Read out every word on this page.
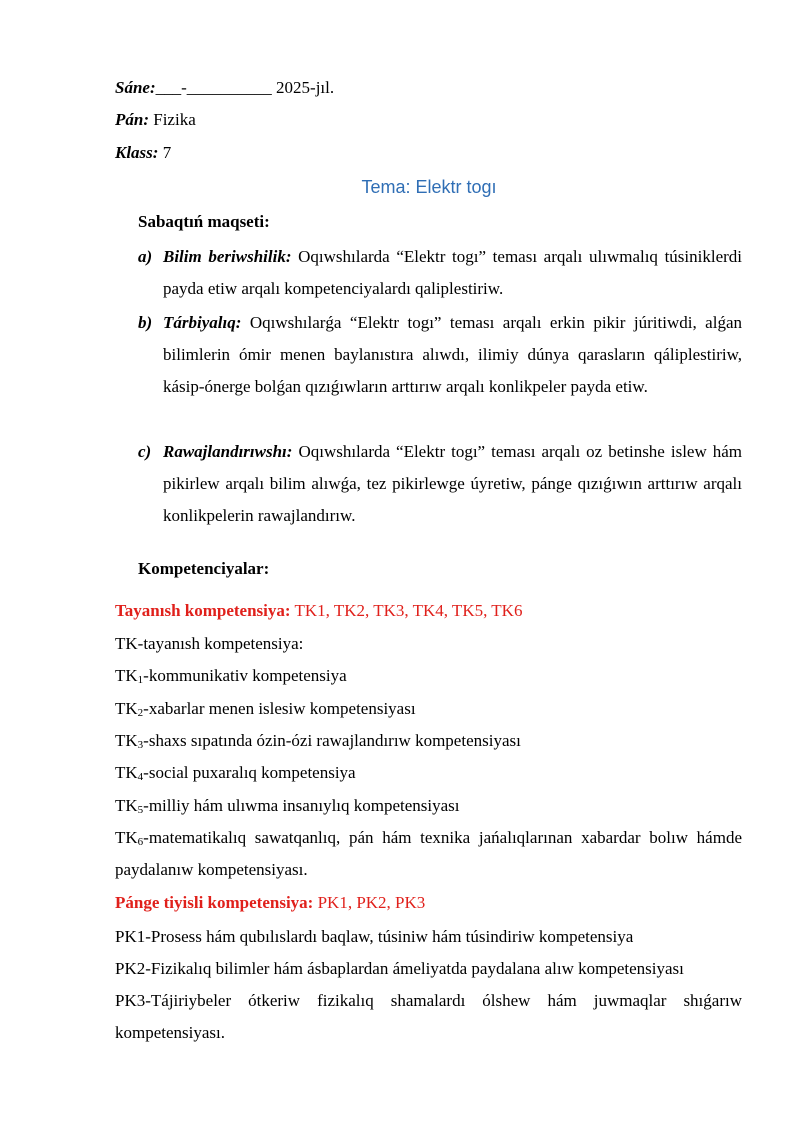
Sáne:___-__________ 2025-jıl.
Pán: Fizika
Klass: 7
Tema: Elektr togı
Sabaqtıń maqseti:
a) Bilim beriwshilik: Oqıwshılarda “Elektr togı” teması arqalı ulıwmalıq túsiniklerdi payda etiw arqalı kompetenciyalardı qaliplestiriw.
b) Tárbiyalıq: Oqıwshılarǵa “Elektr togı” teması arqalı erkin pikir júritiwdi, alǵan bilimlerin ómir menen baylanıstıra alıwdı, ilimiy dúnya qarasların qáliplestiriw, kásip-ónerge bolǵan qızıǵıwların arttırıw arqalı konlikpeler payda etiw.
c) Rawajlandırıwshı: Oqıwshılarda “Elektr togı” teması arqalı oz betinshe islew hám pikirlew arqalı bilim alıwǵa, tez pikirlewge úyretiw, pánge qızıǵıwın arttırıw arqalı konlikpelerin rawajlandırıw.
Kompetenciyalar:
Tayanısh kompetensiya: TK1, TK2, TK3, TK4, TK5, TK6
TK-tayanısh kompetensiya:
$TK_1$-kommunikativ kompetensiya
$TK_2$-xabarlar menen islesiw kompetensiyası
$TK_3$-shaxs sıpatında ózin-ózi rawajlandırıw kompetensiyası
$TK_4$-social puxaralıq kompetensiya
$TK_5$-milliy hám ulıwma insanıylıq kompetensiyası
$TK_6$-matematikalıq sawatqanlıq, pán hám texnika jańalıqlarınan xabardar bolıw hámde paydalanıw kompetensiyası.
Pánge tiyisli kompetensiya: PK1, PK2, PK3
PK1-Prosess hám qubılıslardı baqlaw, túsiniw hám túsindiriw kompetensiya
PK2-Fizikalıq bilimler hám ásbaplardan ámeliyatda paydalana alıw kompetensiyası
PK3-Tájiriybeler ótkeriw fizikalıq shamalardı ólshew hám juwmaqlar shıǵarıw kompetensiyası.
